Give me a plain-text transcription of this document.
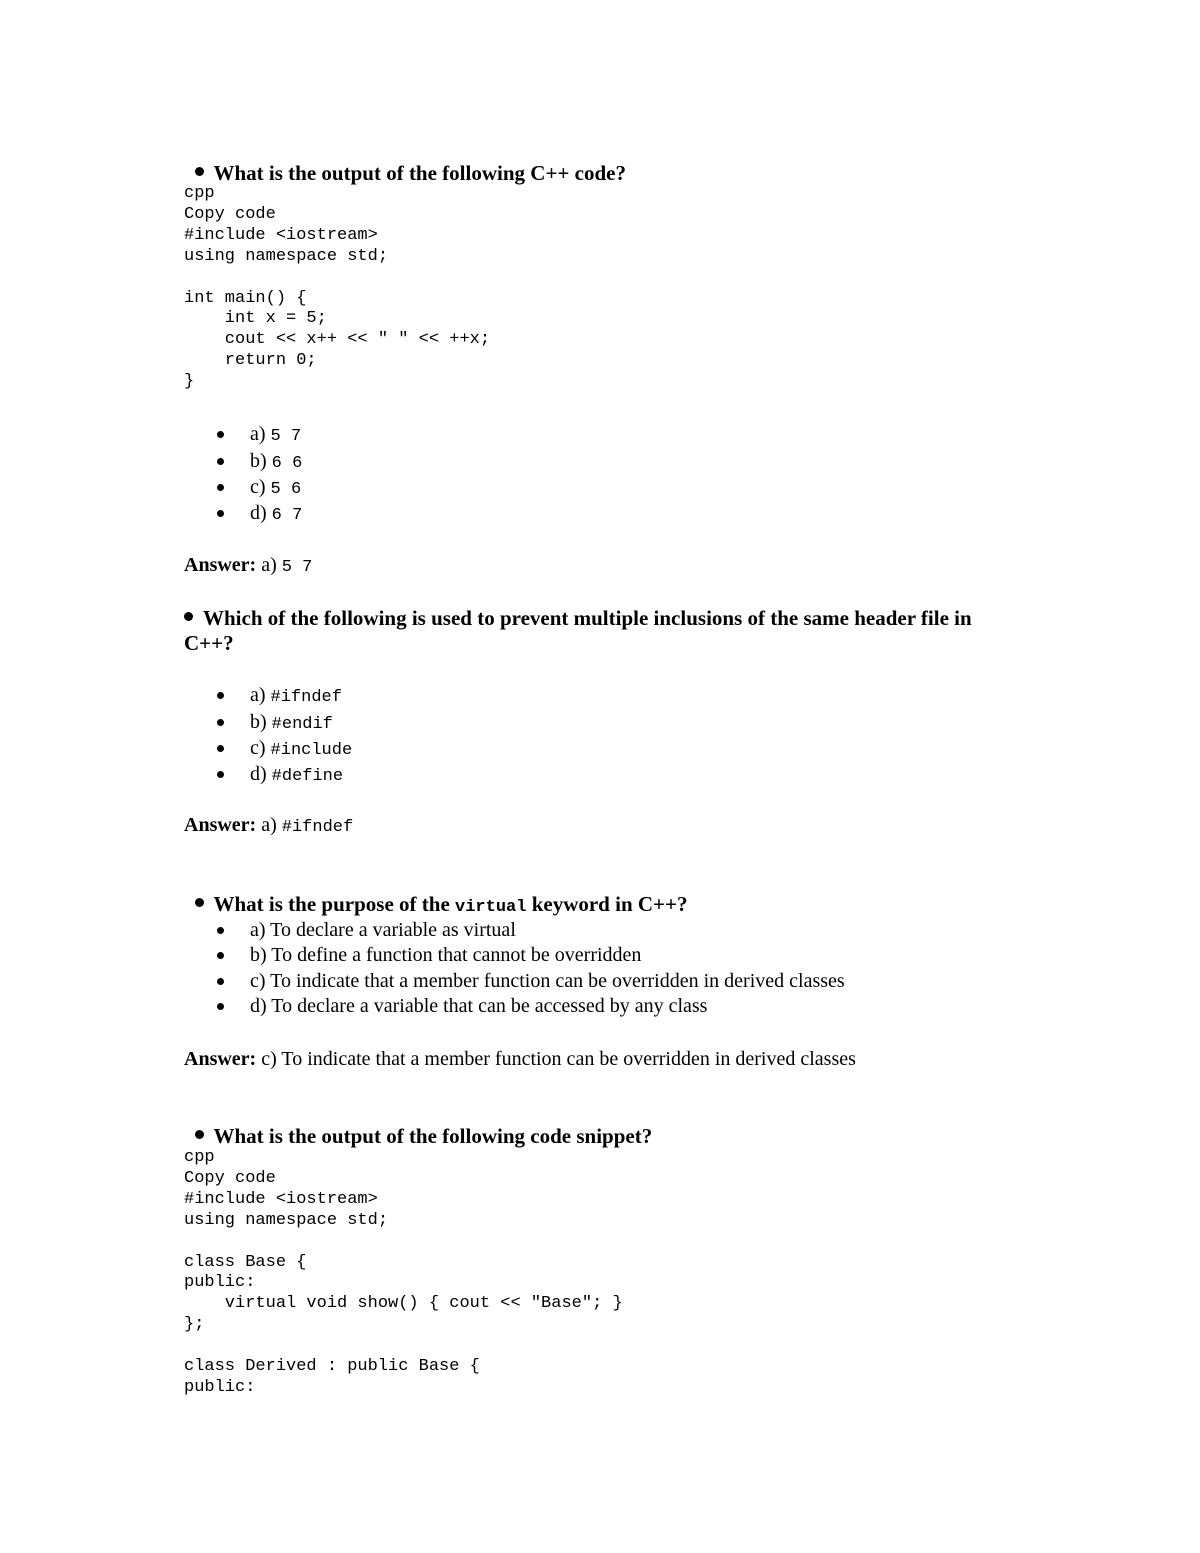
What is the output of the following C++ code?

cpp
Copy code
#include <iostream>
using namespace std;

int main() {
int x = 5;
cout << x++ << " " << ++x;
return 0;
}
a) 5 7
b) 6 6
c) 5 6
d) 6 7
Answer: a) 5 7
Which of the following is used to prevent multiple inclusions of the same header file in C++?
a) #ifndef
b) #endif
c) #include
d) #define
Answer: a) #ifndef

What is the purpose of the virtual keyword in C++?

a) To declare a variable as virtual
b) To define a function that cannot be overridden
c) To indicate that a member function can be overridden in derived classes
d) To declare a variable that can be accessed by any class
Answer: c) To indicate that a member function can be overridden in derived classes

What is the output of the following code snippet?

cpp
Copy code
#include <iostream>
using namespace std;

class Base {
public:
virtual void show() { cout << "Base"; }
};

class Derived : public Base {
public:
